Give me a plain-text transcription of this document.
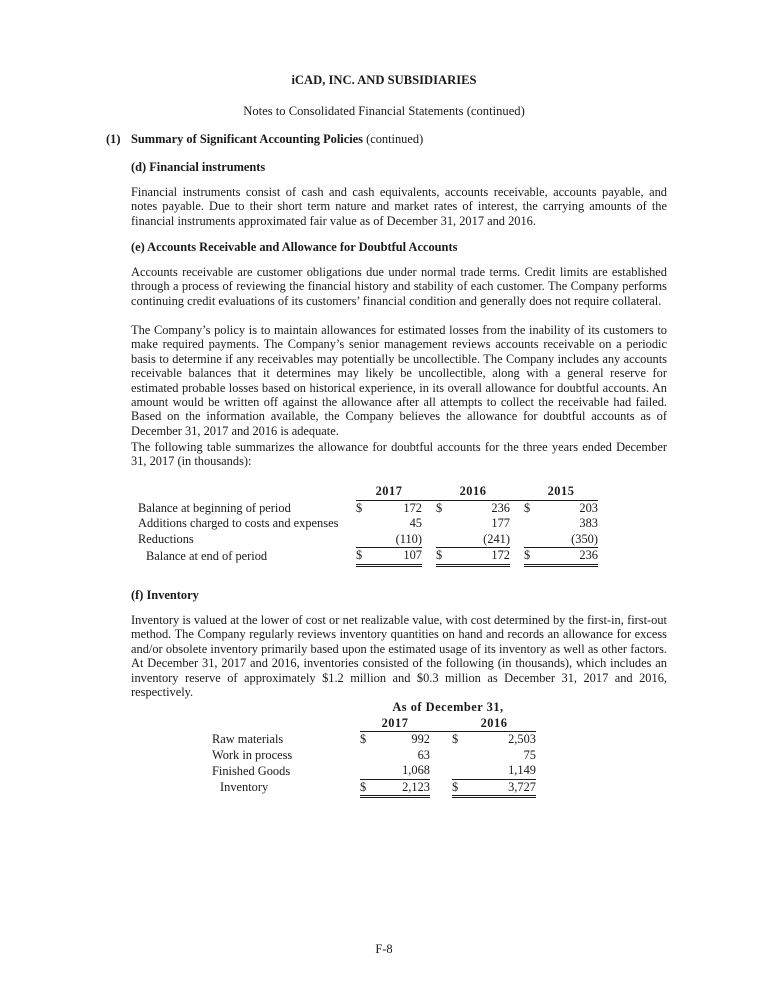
iCAD, INC. AND SUBSIDIARIES
Notes to Consolidated Financial Statements (continued)
(1) Summary of Significant Accounting Policies (continued)
(d) Financial instruments

Financial instruments consist of cash and cash equivalents, accounts receivable, accounts payable, and notes payable. Due to their short term nature and market rates of interest, the carrying amounts of the financial instruments approximated fair value as of December 31, 2017 and 2016.

(e) Accounts Receivable and Allowance for Doubtful Accounts

Accounts receivable are customer obligations due under normal trade terms. Credit limits are established through a process of reviewing the financial history and stability of each customer. The Company performs continuing credit evaluations of its customers’ financial condition and generally does not require collateral.

The Company’s policy is to maintain allowances for estimated losses from the inability of its customers to make required payments. The Company’s senior management reviews accounts receivable on a periodic basis to determine if any receivables may potentially be uncollectible. The Company includes any accounts receivable balances that it determines may likely be uncollectible, along with a general reserve for estimated probable losses based on historical experience, in its overall allowance for doubtful accounts. An amount would be written off against the allowance after all attempts to collect the receivable had failed. Based on the information available, the Company believes the allowance for doubtful accounts as of December 31, 2017 and 2016 is adequate.

The following table summarizes the allowance for doubtful accounts for the three years ended December 31, 2017 (in thousands):

	2017			2016			2015	
Balance at beginning of period	$	172		$	236		$	203
Additions charged to costs and expenses		45			177			383
Reductions		(110)			(241)			(350)
Balance at end of period	$	107		$	172		$	236
(f) Inventory

Inventory is valued at the lower of cost or net realizable value, with cost determined by the first-in, first-out method. The Company regularly reviews inventory quantities on hand and records an allowance for excess and/or obsolete inventory primarily based upon the estimated usage of its inventory as well as other factors. At December 31, 2017 and 2016, inventories consisted of the following (in thousands), which includes an inventory reserve of approximately $1.2 million and $0.3 million as December 31, 2017 and 2016, respectively.

	As of December 31,				
	2017			2016	
Raw materials	$	992		$	2,503
Work in process		63			75
Finished Goods		1,068			1,149
Inventory	$	2,123		$	3,727
F-8
